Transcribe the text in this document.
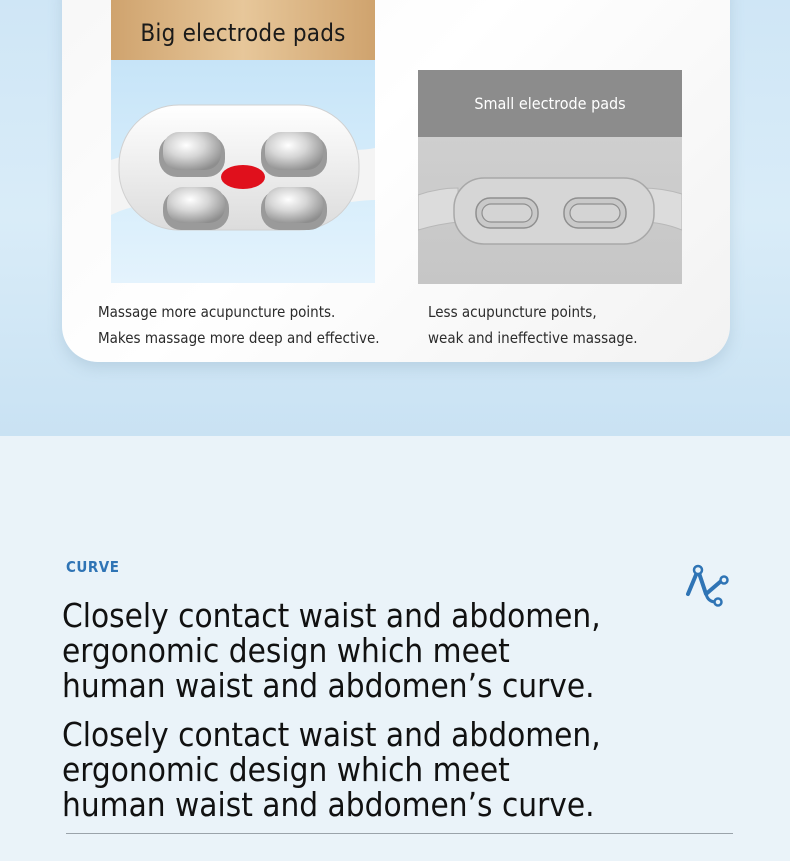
Big electrode pads
Small electrode pads
Massage more acupuncture points.
Makes massage more deep and effective.
Less acupuncture points,
weak and ineffective massage.
CURVE
Closely contact waist and abdomen,
ergonomic design which meet
human waist and abdomen’s curve.
Closely contact waist and abdomen,
ergonomic design which meet
human waist and abdomen’s curve.
